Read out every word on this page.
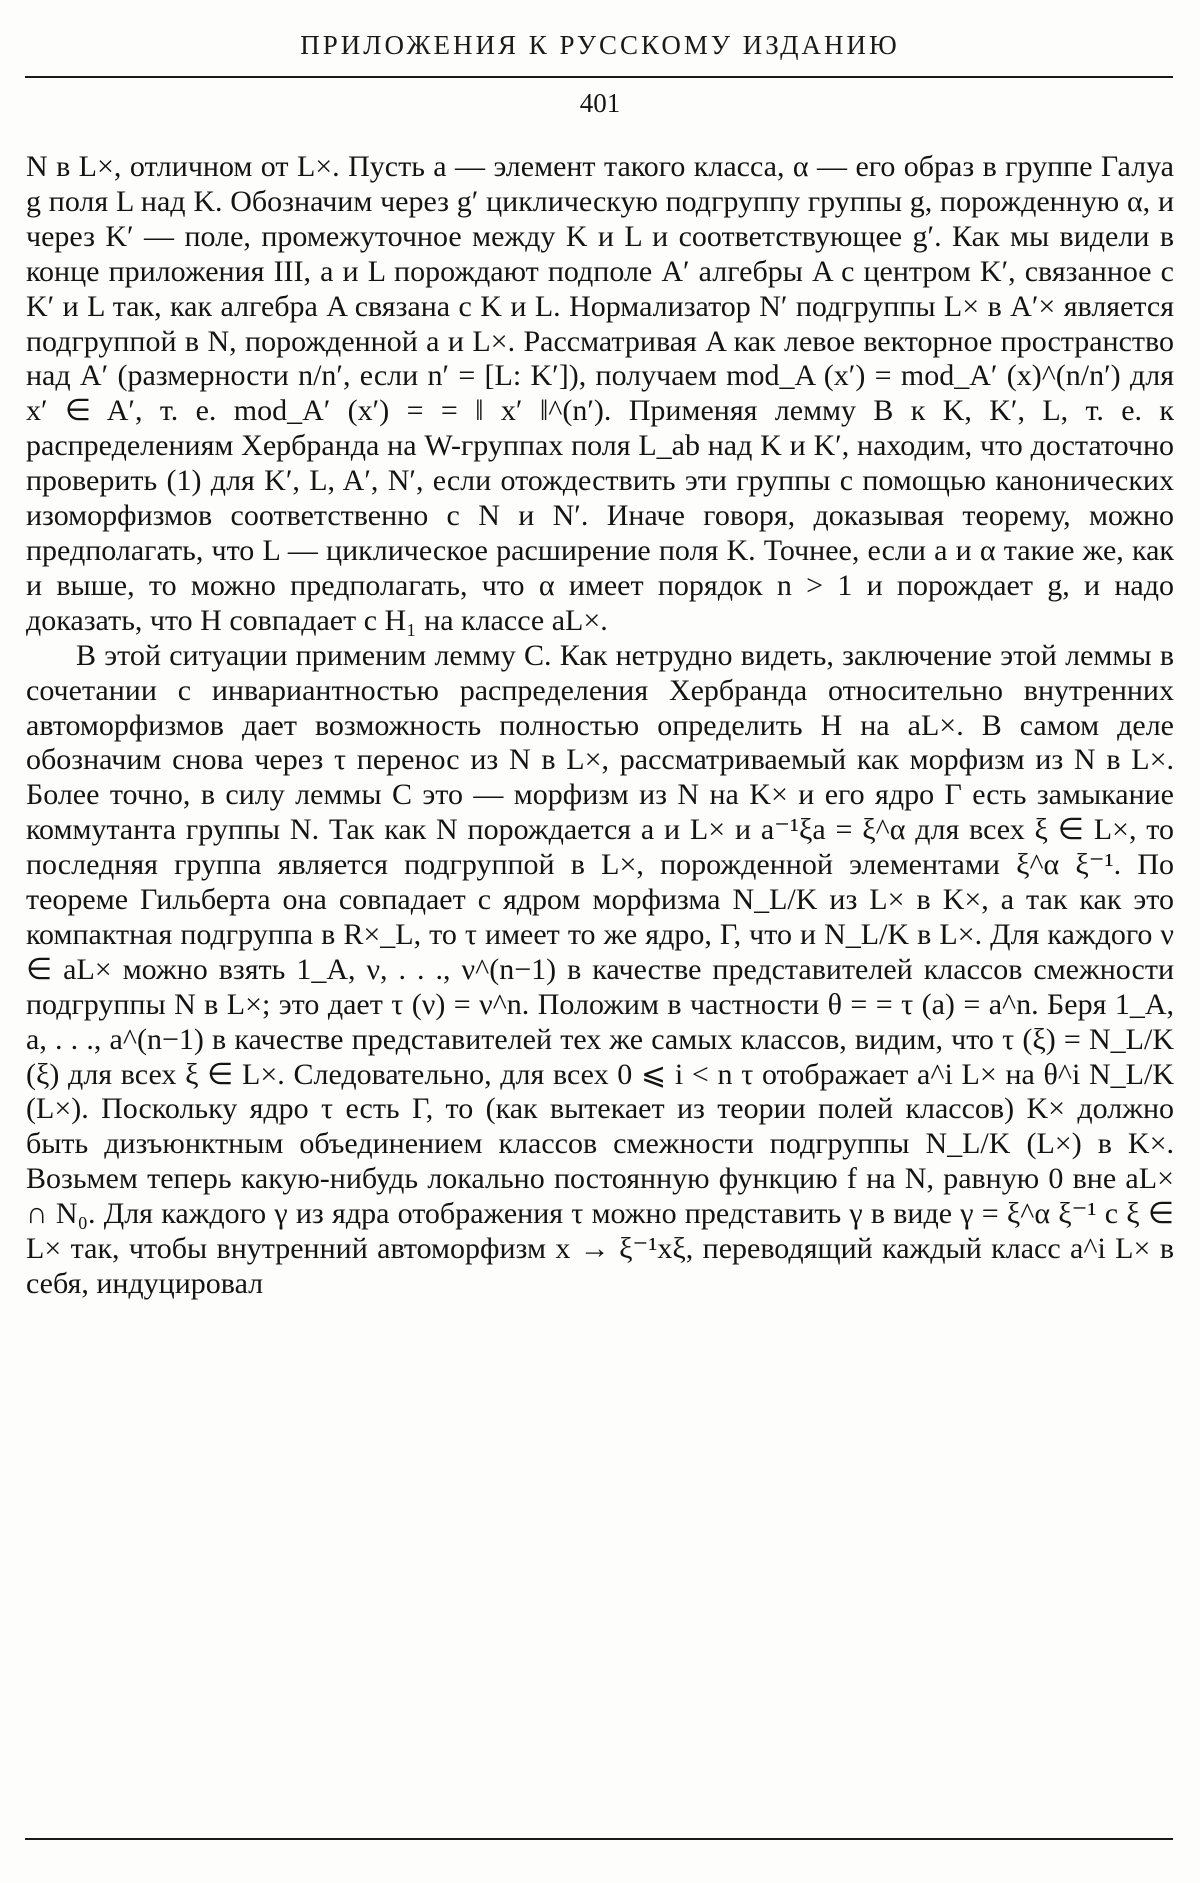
ПРИЛОЖЕНИЯ К РУССКОМУ ИЗДАНИЮ
401

N в L×, отличном от L×. Пусть a — элемент такого класса, α — его образ в группе Галуа g поля L над K. Обозначим через g′ циклическую подгруппу группы g, порожденную α, и через K′ — поле, промежуточное между K и L и соответствующее g′. Как мы видели в конце приложения III, a и L порождают подполе A′ алгебры A с центром K′, связанное с K′ и L так, как алгебра A связана с K и L. Нормализатор N′ подгруппы L× в A′× является подгруппой в N, порожденной a и L×. Рассматривая A как левое векторное пространство над A′ (размерности n/n′, если n′ = [L: K′]), получаем mod_A (x′) = mod_A′ (x)^(n/n′) для x′ ∈ A′, т. е. mod_A′ (x′) = = ‖ x′ ‖^(n′). Применяя лемму B к K, K′, L, т. е. к распределениям Хербранда на W-группах поля L_ab над K и K′, находим, что достаточно проверить (1) для K′, L, A′, N′, если отождествить эти группы с помощью канонических изоморфизмов соответственно с N и N′. Иначе говоря, доказывая теорему, можно предполагать, что L — циклическое расширение поля K. Точнее, если a и α такие же, как и выше, то можно предполагать, что α имеет порядок n > 1 и порождает g, и надо доказать, что H совпадает с H₁ на классе aL×.

В этой ситуации применим лемму C. Как нетрудно видеть, заключение этой леммы в сочетании с инвариантностью распределения Хербранда относительно внутренних автоморфизмов дает возможность полностью определить H на aL×. В самом деле обозначим снова через τ перенос из N в L×, рассматриваемый как морфизм из N в L×. Более точно, в силу леммы C это — морфизм из N на K× и его ядро Γ есть замыкание коммутанта группы N. Так как N порождается a и L× и a⁻¹ξa = ξ^α для всех ξ ∈ L×, то последняя группа является подгруппой в L×, порожденной элементами ξ^α ξ⁻¹. По теореме Гильберта она совпадает с ядром морфизма N_L/K из L× в K×, а так как это компактная подгруппа в R×_L, то τ имеет то же ядро, Γ, что и N_L/K в L×. Для каждого ν ∈ aL× можно взять 1_A, ν, . . ., ν^(n−1) в качестве представителей классов смежности подгруппы N в L×; это дает τ (ν) = ν^n. Положим в частности θ = = τ (a) = a^n. Беря 1_A, a, . . ., a^(n−1) в качестве представителей тех же самых классов, видим, что τ (ξ) = N_L/K (ξ) для всех ξ ∈ L×. Следовательно, для всех 0 ⩽ i < n τ отображает a^i L× на θ^i N_L/K (L×). Поскольку ядро τ есть Γ, то (как вытекает из теории полей классов) K× должно быть дизъюнктным объединением классов смежности подгруппы N_L/K (L×) в K×. Возьмем теперь какую-нибудь локально постоянную функцию f на N, равную 0 вне aL× ∩ N₀. Для каждого γ из ядра отображения τ можно представить γ в виде γ = ξ^α ξ⁻¹ с ξ ∈ L× так, чтобы внутренний автоморфизм x → ξ⁻¹xξ, переводящий каждый класс a^i L× в себя, индуцировал
